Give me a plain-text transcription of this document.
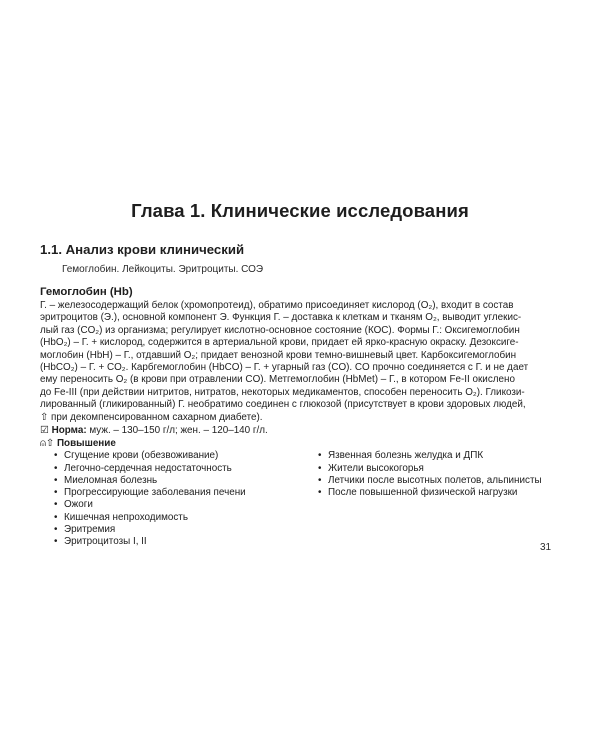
Глава 1. Клинические исследования
1.1. Анализ крови клинический

Гемоглобин. Лейкоциты. Эритроциты. СОЭ

Гемоглобин (Hb)

Г. – железосодержащий белок (хромопротеид), обратимо присоединяет кислород (O₂), входит в состав
эритроцитов (Э.), основной компонент Э. Функция Г. – доставка к клеткам и тканям O₂, выводит углекис-
лый газ (CO₂) из организма; регулирует кислотно-основное состояние (КОС). Формы Г.: Оксигемоглобин
(HbO₂) – Г. + кислород, содержится в артериальной крови, придает ей ярко-красную окраску. Дезоксиге-
моглобин (HbH) – Г., отдавший O₂; придает венозной крови темно-вишневый цвет. Карбоксигемоглобин
(HbCO₂) – Г. + CO₂. Карбгемоглобин (HbCO) – Г. + угарный газ (CO). CO прочно соединяется с Г. и не дает
ему переносить O₂ (в крови при отравлении CO). Метгемоглобин (HbMet) – Г., в котором Fe-II окислено
до Fe-III (при действии нитритов, нитратов, некоторых медикаментов, способен переносить O₂). Гликози-
лированный (гликированный) Г. необратимо соединен с глюкозой (присутствует в крови здоровых людей,
⇧ при декомпенсированном сахарном диабете).

☑ Норма: муж. – 130–150 г/л; жен. – 120–140 г/л.
⍝⇧ Повышение
• Сгущение крови (обезвоживание)
• Легочно-сердечная недостаточность
• Миеломная болезнь
• Прогрессирующие заболевания печени
• Ожоги
• Кишечная непроходимость
• Эритремия
• Эритроцитозы I, II
• Язвенная болезнь желудка и ДПК
• Жители высокогорья
• Летчики после высотных полетов, альпинисты
• После повышенной физической нагрузки
31
